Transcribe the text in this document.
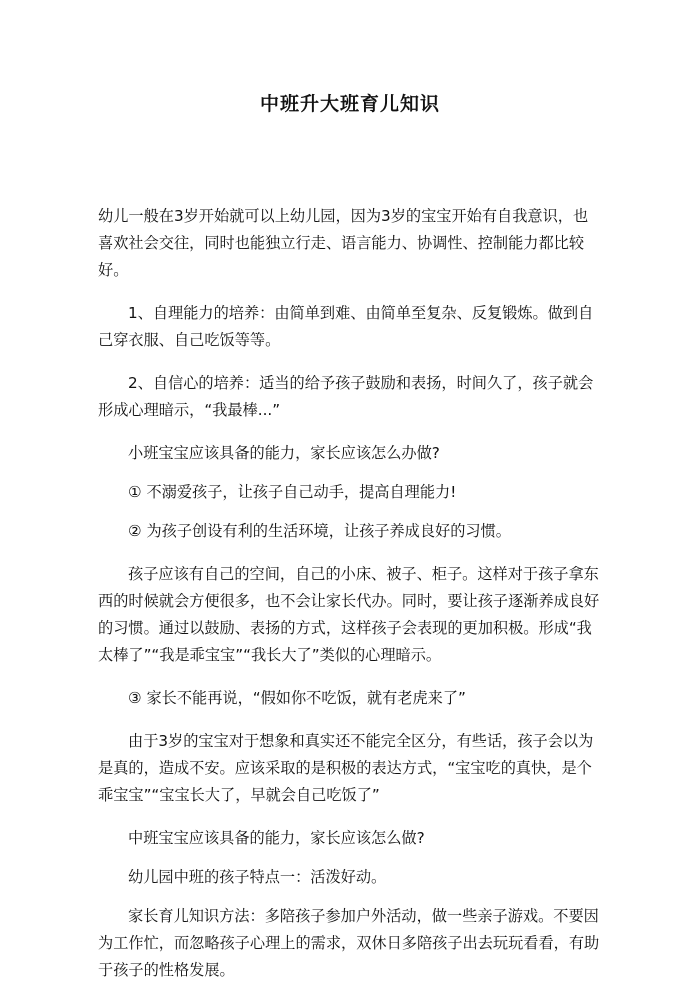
中班升大班育儿知识

幼儿一般在3岁开始就可以上幼儿园，因为3岁的宝宝开始有自我意识，也喜欢社会交往，同时也能独立行走、语言能力、协调性、控制能力都比较好。

1、自理能力的培养：由简单到难、由简单至复杂、反复锻炼。做到自己穿衣服、自己吃饭等等。

2、自信心的培养：适当的给予孩子鼓励和表扬，时间久了，孩子就会形成心理暗示，“我最棒...”

小班宝宝应该具备的能力，家长应该怎么办做?

① 不溺爱孩子，让孩子自己动手，提高自理能力!

② 为孩子创设有利的生活环境，让孩子养成良好的习惯。

孩子应该有自己的空间，自己的小床、被子、柜子。这样对于孩子拿东西的时候就会方便很多，也不会让家长代办。同时，要让孩子逐渐养成良好的习惯。通过以鼓励、表扬的方式，这样孩子会表现的更加积极。形成“我太棒了”“我是乖宝宝”“我长大了”类似的心理暗示。

③ 家长不能再说，“假如你不吃饭，就有老虎来了”

由于3岁的宝宝对于想象和真实还不能完全区分，有些话，孩子会以为是真的，造成不安。应该采取的是积极的表达方式，“宝宝吃的真快，是个乖宝宝”“宝宝长大了，早就会自己吃饭了”

中班宝宝应该具备的能力，家长应该怎么做?

幼儿园中班的孩子特点一：活泼好动。

家长育儿知识方法：多陪孩子参加户外活动，做一些亲子游戏。不要因为工作忙，而忽略孩子心理上的需求，双休日多陪孩子出去玩玩看看，有助于孩子的性格发展。
